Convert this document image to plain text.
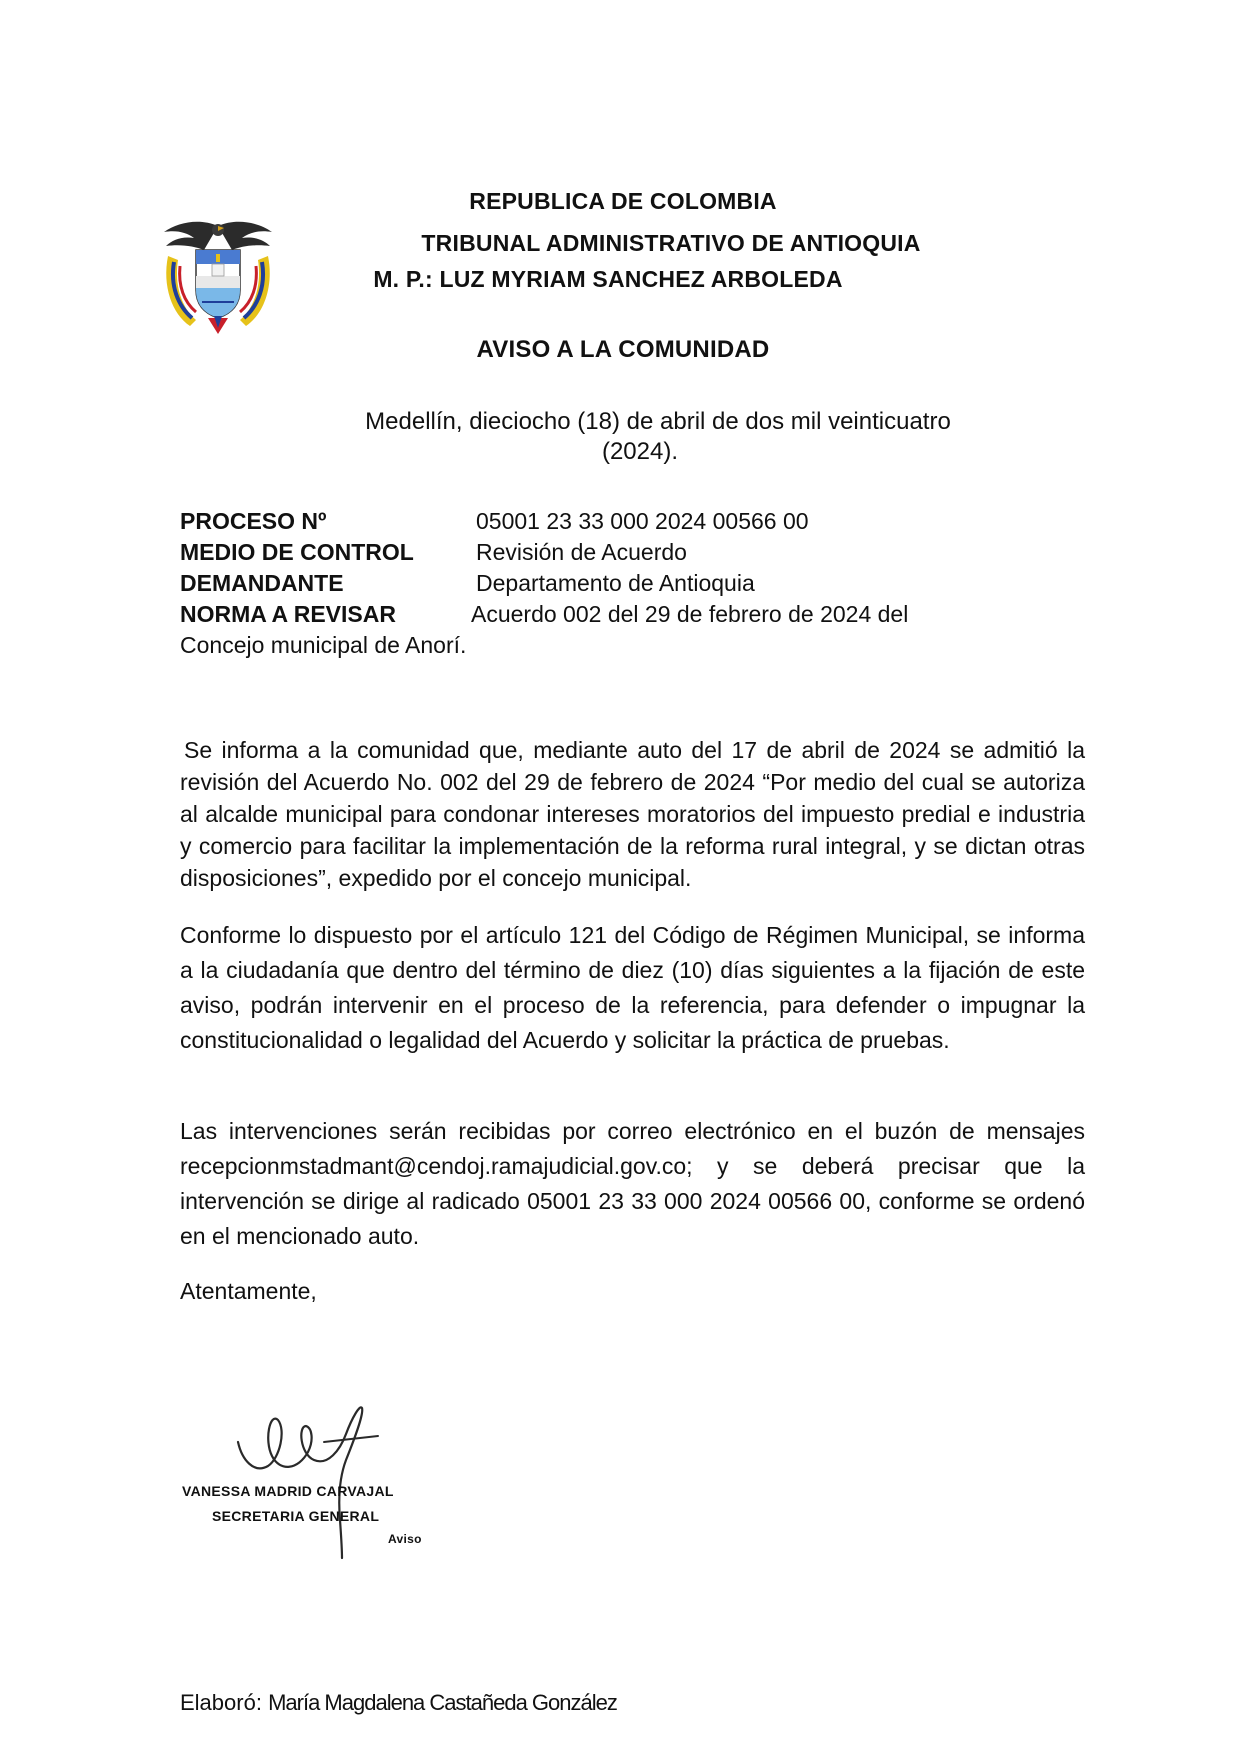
REPUBLICA DE COLOMBIA
TRIBUNAL ADMINISTRATIVO DE ANTIOQUIA
M. P.: LUZ MYRIAM SANCHEZ ARBOLEDA
AVISO A LA COMUNIDAD
Medellín, dieciocho (18) de abril de dos mil veinticuatro
(2024).
PROCESO Nº	05001 23 33 000 2024 00566 00
MEDIO DE CONTROL	Revisión de Acuerdo
DEMANDANTE	Departamento de Antioquia
NORMA A REVISAR	Acuerdo 002 del 29 de febrero de 2024 del
Concejo municipal de Anorí.
Se informa a la comunidad que, mediante auto del 17 de abril de 2024 se admitió la revisión del Acuerdo No. 002 del 29 de febrero de 2024 “Por medio del cual se autoriza al alcalde municipal para condonar intereses moratorios del impuesto predial e industria y comercio para facilitar la implementación de la reforma rural integral, y se dictan otras disposiciones”, expedido por el concejo municipal.
Conforme lo dispuesto por el artículo 121 del Código de Régimen Municipal, se informa a la ciudadanía que dentro del término de diez (10) días siguientes a la fijación de este aviso, podrán intervenir en el proceso de la referencia, para defender o impugnar la constitucionalidad o legalidad del Acuerdo y solicitar la práctica de pruebas.
Las intervenciones serán recibidas por correo electrónico en el buzón de mensajes recepcionmstadmant@cendoj.ramajudicial.gov.co; y se deberá precisar que la intervención se dirige al radicado 05001 23 33 000 2024 00566 00, conforme se ordenó en el mencionado auto.
Atentamente,
VANESSA MADRID CARVAJAL
SECRETARIA GENERAL
Aviso
Elaboró: María Magdalena Castañeda González
